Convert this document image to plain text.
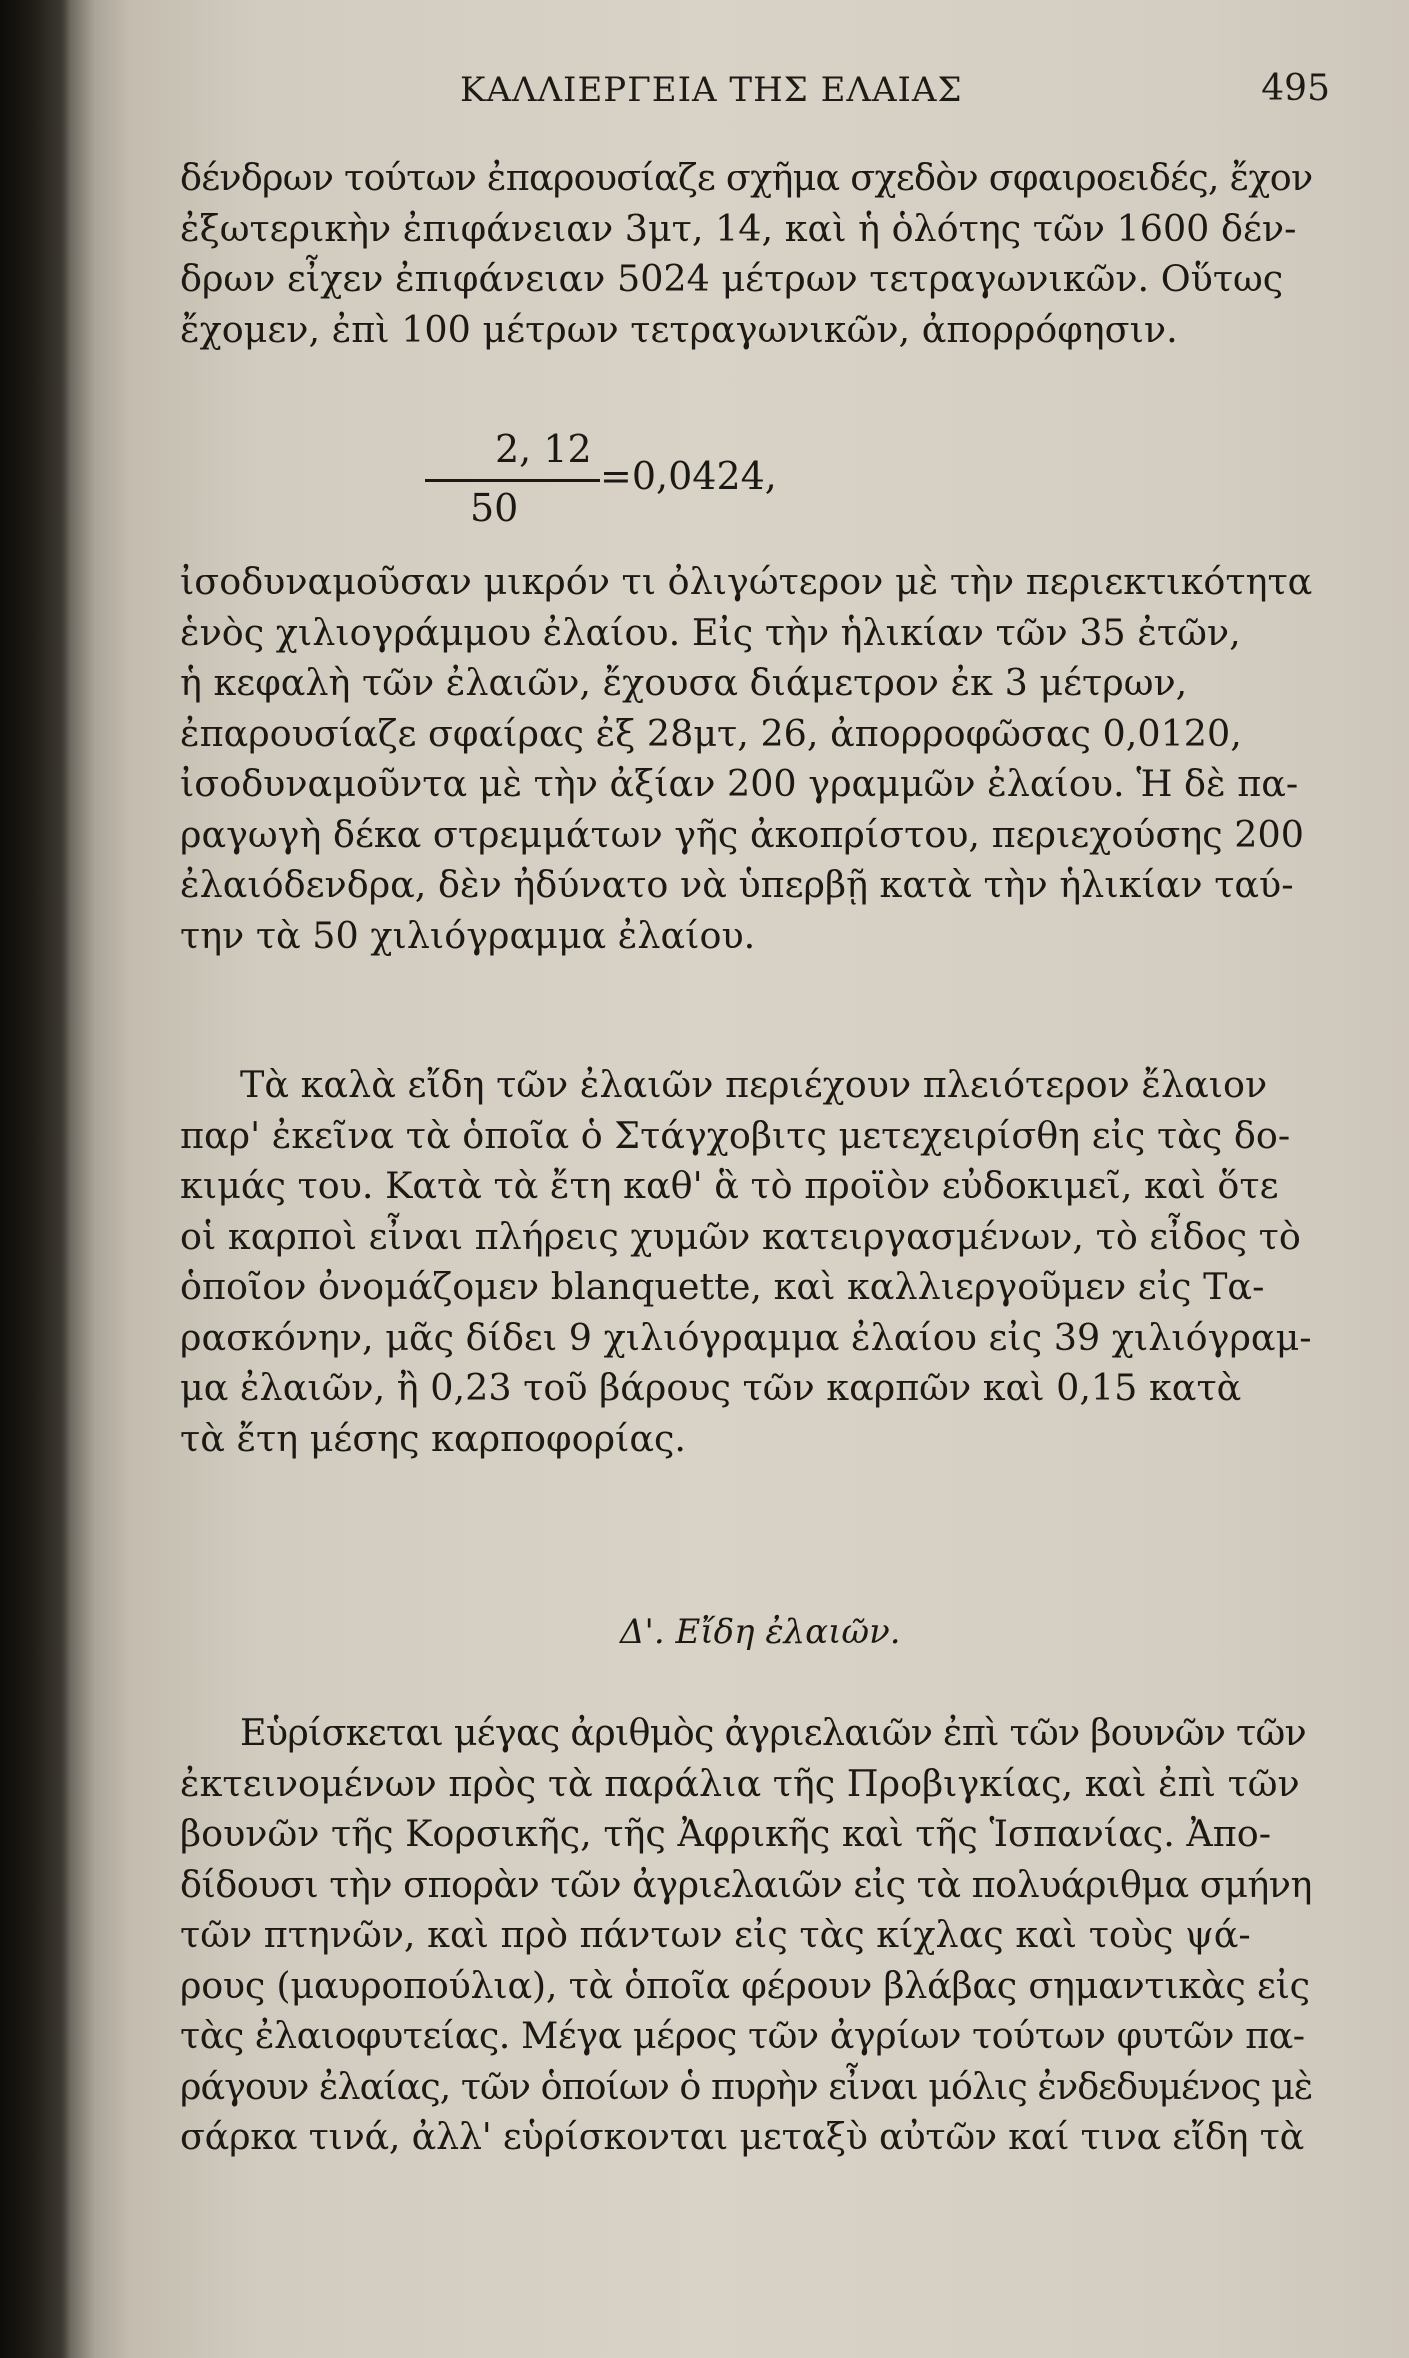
ΚΑΛΛΙΕΡΓΕΙΑ ΤΗΣ ΕΛΑΙΑΣ	495
δένδρων τούτων ἐπαρουσίαζε σχῆμα σχεδὸν σφαιροειδές, ἔχον
ἐξωτερικὴν ἐπιφάνειαν 3μτ, 14, καὶ ἡ ὁλότης τῶν 1600 δέν-
δρων εἶχεν ἐπιφάνειαν 5024 μέτρων τετραγωνικῶν. Οὕτως
ἔχομεν, ἐπὶ 100 μέτρων τετραγωνικῶν, ἀπορρόφησιν.
2, 12
50
=0,0424,
ἰσοδυναμοῦσαν μικρόν τι ὀλιγώτερον μὲ τὴν περιεκτικότητα
ἑνὸς χιλιογράμμου ἐλαίου. Εἰς τὴν ἡλικίαν τῶν 35 ἐτῶν,
ἡ κεφαλὴ τῶν ἐλαιῶν, ἔχουσα διάμετρον ἐκ 3 μέτρων,
ἐπαρουσίαζε σφαίρας ἐξ 28μτ, 26, ἀπορροφῶσας 0,0120,
ἰσοδυναμοῦντα μὲ τὴν ἀξίαν 200 γραμμῶν ἐλαίου. Ἡ δὲ πα-
ραγωγὴ δέκα στρεμμάτων γῆς ἀκοπρίστου, περιεχούσης 200
ἐλαιόδενδρα, δὲν ἠδύνατο νὰ ὑπερβῇ κατὰ τὴν ἡλικίαν ταύ-
την τὰ 50 χιλιόγραμμα ἐλαίου.
Τὰ καλὰ εἴδη τῶν ἐλαιῶν περιέχουν πλειότερον ἔλαιον
παρ' ἐκεῖνα τὰ ὁποῖα ὁ Στάγχοβιτς μετεχειρίσθη εἰς τὰς δο-
κιμάς του. Κατὰ τὰ ἔτη καθ' ἃ τὸ προϊὸν εὐδοκιμεῖ, καὶ ὅτε
οἱ καρποὶ εἶναι πλήρεις χυμῶν κατειργασμένων, τὸ εἶδος τὸ
ὁποῖον ὀνομάζομεν blanquette, καὶ καλλιεργοῦμεν εἰς Τα-
ρασκόνην, μᾶς δίδει 9 χιλιόγραμμα ἐλαίου εἰς 39 χιλιόγραμ-
μα ἐλαιῶν, ἢ 0,23 τοῦ βάρους τῶν καρπῶν καὶ 0,15 κατὰ
τὰ ἔτη μέσης καρποφορίας.
Δ'. Εἴδη ἐλαιῶν.
Εὑρίσκεται μέγας ἀριθμὸς ἀγριελαιῶν ἐπὶ τῶν βουνῶν τῶν
ἐκτεινομένων πρὸς τὰ παράλια τῆς Προβιγκίας, καὶ ἐπὶ τῶν
βουνῶν τῆς Κορσικῆς, τῆς Ἀφρικῆς καὶ τῆς Ἱσπανίας. Ἀπο-
δίδουσι τὴν σπορὰν τῶν ἀγριελαιῶν εἰς τὰ πολυάριθμα σμήνη
τῶν πτηνῶν, καὶ πρὸ πάντων εἰς τὰς κίχλας καὶ τοὺς ψά-
ρους (μαυροπούλια), τὰ ὁποῖα φέρουν βλάβας σημαντικὰς εἰς
τὰς ἐλαιοφυτείας. Μέγα μέρος τῶν ἀγρίων τούτων φυτῶν πα-
ράγουν ἐλαίας, τῶν ὁποίων ὁ πυρὴν εἶναι μόλις ἐνδεδυμένος μὲ
σάρκα τινά, ἀλλ' εὑρίσκονται μεταξὺ αὐτῶν καί τινα εἴδη τὰ
